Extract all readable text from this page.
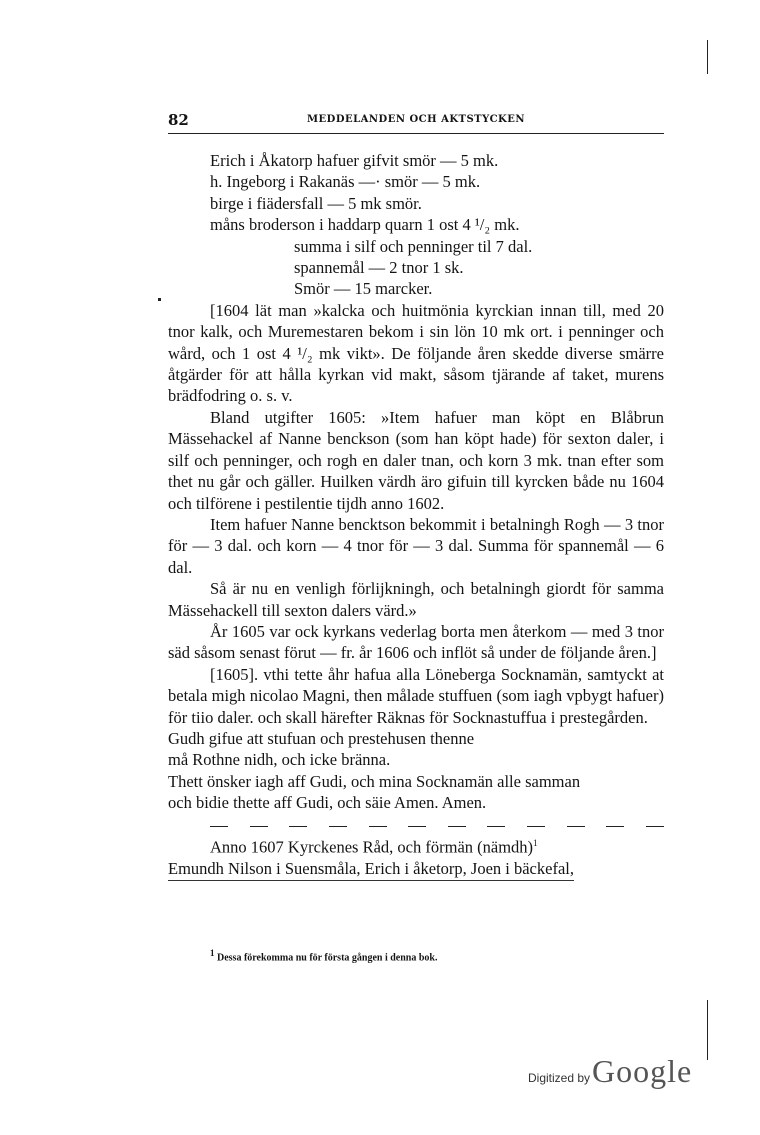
82	MEDDELANDEN OCH AKTSTYCKEN

Erich i Åkatorp hafuer gifvit smör — 5 mk.

h. Ingeborg i Rakanäs —· smör — 5 mk.

birge i fiädersfall — 5 mk smör.

måns broderson i haddarp quarn 1 ost 4 ¹/₂ mk.

summa i silf och penninger til 7 dal.

spannemål — 2 tnor 1 sk.

Smör — 15 marcker.

[1604 lät man »kalcka och huitmönia kyrckian innan till, med 20 tnor kalk, och Muremestaren bekom i sin lön 10 mk ort. i penninger och wård, och 1 ost 4 ¹/₂ mk vikt». De följande åren skedde diverse smärre åtgärder för att hålla kyrkan vid makt, såsom tjärande af taket, murens brädfodring o. s. v.

Bland utgifter 1605: »Item hafuer man köpt en Blåbrun Mässehackel af Nanne benckson (som han köpt hade) för sexton daler, i silf och penninger, och rogh en daler tnan, och korn 3 mk. tnan efter som thet nu går och gäller. Huilken värdh äro gifuin till kyrcken både nu 1604 och tilförene i pestilentie tijdh anno 1602.

Item hafuer Nanne bencktson bekommit i betalningh Rogh — 3 tnor för — 3 dal. och korn — 4 tnor för — 3 dal. Summa för spannemål — 6 dal.

Så är nu en venligh förlijkningh, och betalningh giordt för samma Mässehackell till sexton dalers värd.»

År 1605 var ock kyrkans vederlag borta men återkom — med 3 tnor säd såsom senast förut — fr. år 1606 och inflöt så under de följande åren.]

[1605]. vthi tette åhr hafua alla Löneberga Socknamän, samtyckt at betala migh nicolao Magni, then målade stuffuen (som iagh vpbygt hafuer) för tiio daler. och skall härefter Räknas för Socknastuffua i prestegården.

Gudh gifue att stufuan och prestehusen thenne

må Rothne nidh, och icke bränna.

Thett önsker iagh aff Gudi, och mina Socknamän alle samman

och bidie thette aff Gudi, och säie Amen. Amen.

Anno 1607 Kyrckenes Råd, och förmän (nämdh)$^1$

Emundh Nilson i Suensmåla, Erich i åketorp, Joen i bäckefal,

1 Dessa förekomma nu för första gången i denna bok.
Digitized by Google
